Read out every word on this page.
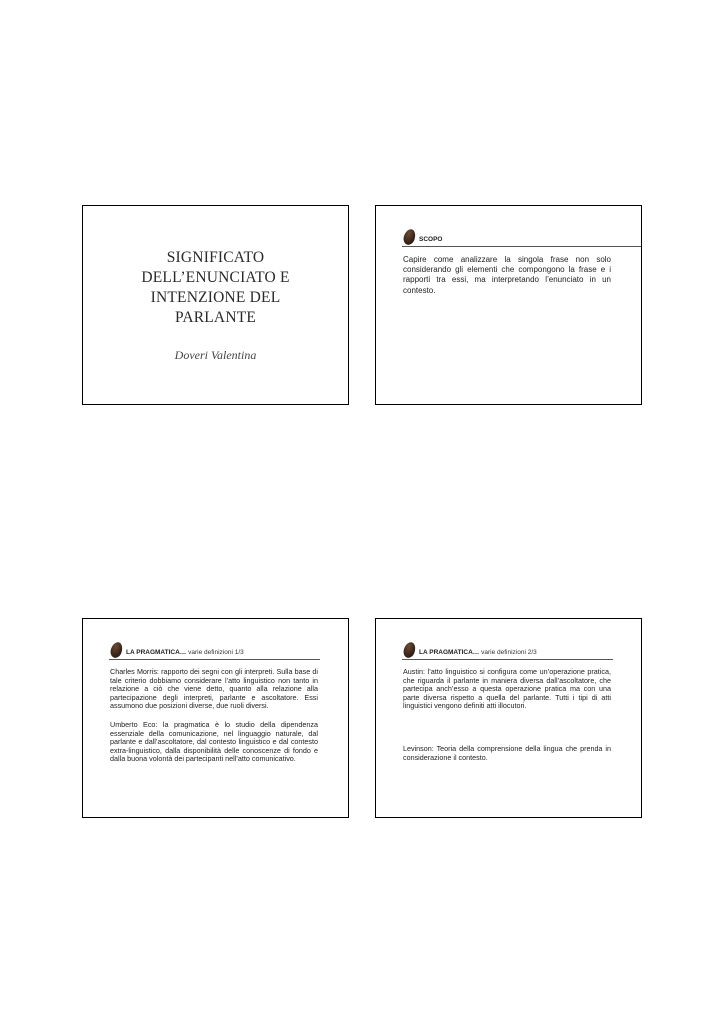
SIGNIFICATO
DELL’ENUNCIATO E
INTENZIONE DEL
PARLANTE
Doveri Valentina
SCOPO
Capire come analizzare la singola frase non solo considerando gli elementi che compongono la frase e i rapporti tra essi, ma interpretando l’enunciato in un contesto.
LA PRAGMATICA… varie definizioni 1/3

Charles Morris: rapporto dei segni con gli interpreti. Sulla base di tale criterio dobbiamo considerare l’atto linguistico non tanto in relazione a ciò che viene detto, quanto alla relazione alla partecipazione degli interpreti, parlante e ascoltatore. Essi assumono due posizioni diverse, due ruoli diversi.

Umberto Eco: la pragmatica è lo studio della dipendenza essenziale della comunicazione, nel linguaggio naturale, dal parlante e dall’ascoltatore, dal contesto linguistico e dal contesto extra-linguistico, dalla disponibilità delle conoscenze di fondo e dalla buona volontà dei partecipanti nell’atto comunicativo.

LA PRAGMATICA… varie definizioni 2/3

Austin: l’atto linguistico si configura come un’operazione pratica, che riguarda il parlante in maniera diversa dall’ascoltatore, che partecipa anch’esso a questa operazione pratica ma con una parte diversa rispetto a quella del parlante. Tutti i tipi di atti linguistici vengono definiti atti illocutori.

Levinson: Teoria della comprensione della lingua che prenda in considerazione il contesto.
